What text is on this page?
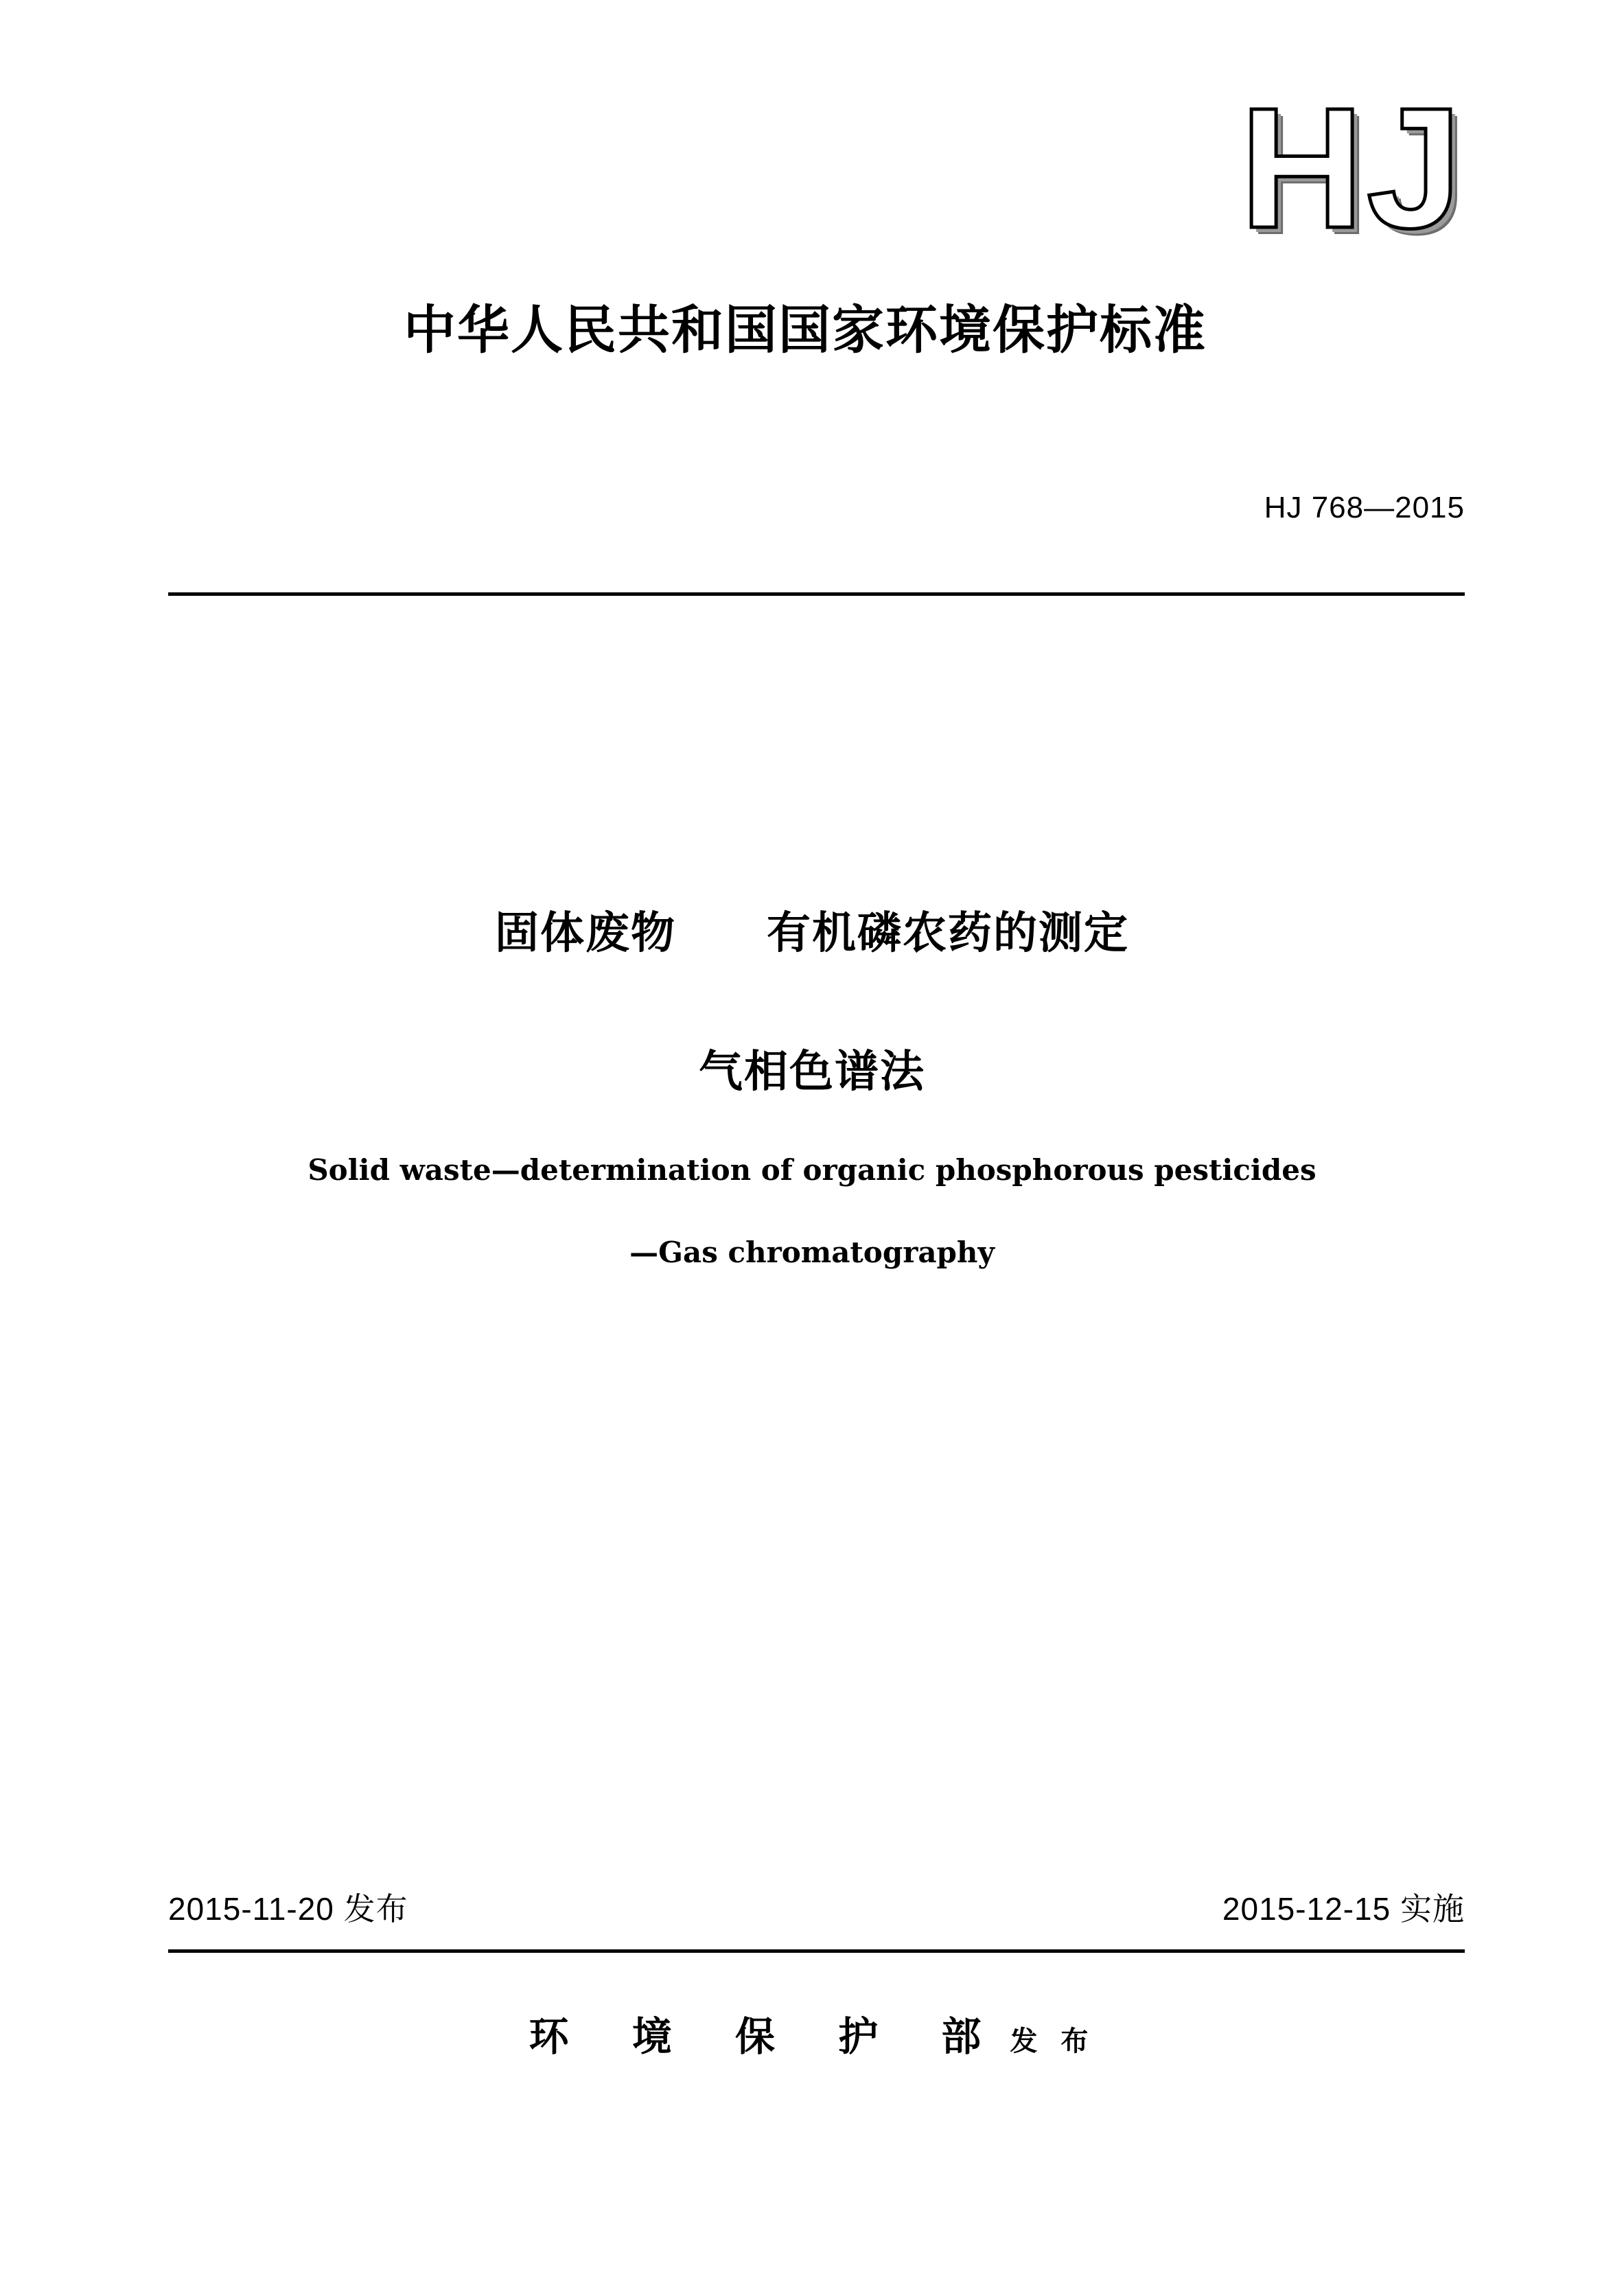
HJ
中华人民共和国国家环境保护标准
HJ 768—2015
固体废物　　有机磷农药的测定
气相色谱法
Solid waste—determination of organic phosphorous pesticides
—Gas chromatography
2015-11-20 发布	2015-12-15 实施
环 境 保 护 部 发 布
